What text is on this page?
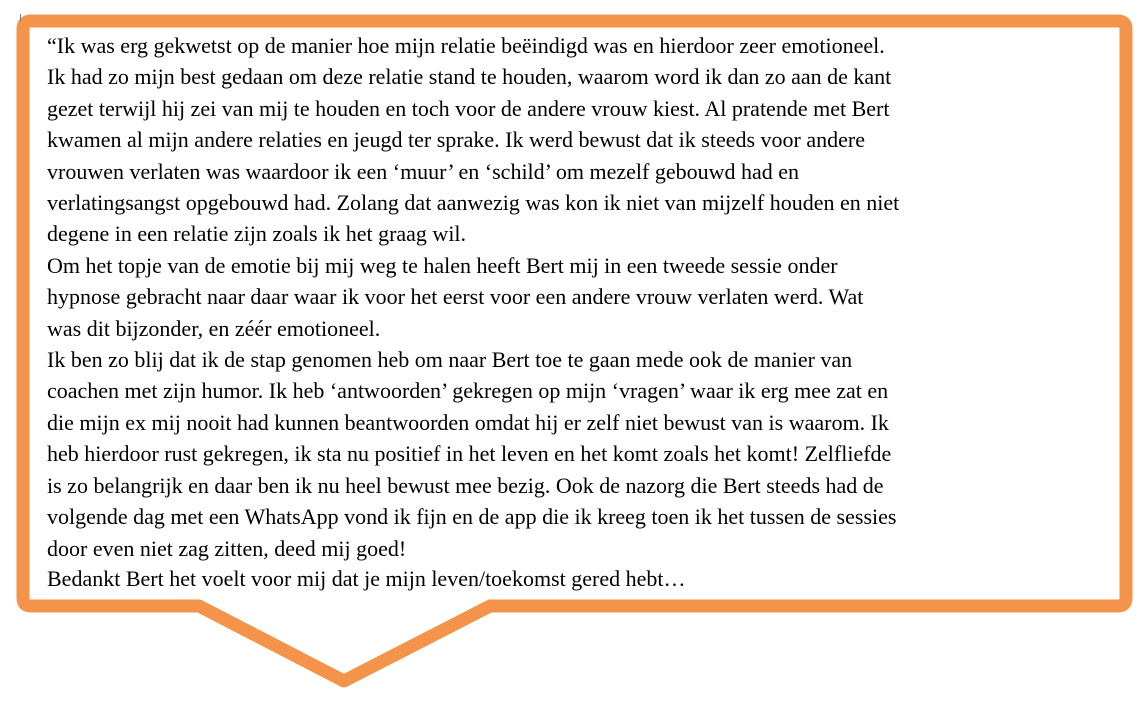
“Ik was erg gekwetst op de manier hoe mijn relatie beëindigd was en hierdoor zeer emotioneel.

Ik had zo mijn best gedaan om deze relatie stand te houden, waarom word ik dan zo aan de kant

gezet terwijl hij zei van mij te houden en toch voor de andere vrouw kiest. Al pratende met Bert

kwamen al mijn andere relaties en jeugd ter sprake. Ik werd bewust dat ik steeds voor andere

vrouwen verlaten was waardoor ik een ‘muur’ en ‘schild’ om mezelf gebouwd had en

verlatingsangst opgebouwd had. Zolang dat aanwezig was kon ik niet van mijzelf houden en niet

degene in een relatie zijn zoals ik het graag wil.

Om het topje van de emotie bij mij weg te halen heeft Bert mij in een tweede sessie onder

hypnose gebracht naar daar waar ik voor het eerst voor een andere vrouw verlaten werd. Wat

was dit bijzonder, en zéér emotioneel.

Ik ben zo blij dat ik de stap genomen heb om naar Bert toe te gaan mede ook de manier van

coachen met zijn humor. Ik heb ‘antwoorden’ gekregen op mijn ‘vragen’ waar ik erg mee zat en

die mijn ex mij nooit had kunnen beantwoorden omdat hij er zelf niet bewust van is waarom. Ik

heb hierdoor rust gekregen, ik sta nu positief in het leven en het komt zoals het komt! Zelfliefde

is zo belangrijk en daar ben ik nu heel bewust mee bezig. Ook de nazorg die Bert steeds had de

volgende dag met een WhatsApp vond ik fijn en de app die ik kreeg toen ik het tussen de sessies

door even niet zag zitten, deed mij goed!

Bedankt Bert het voelt voor mij dat je mijn leven/toekomst gered hebt…
